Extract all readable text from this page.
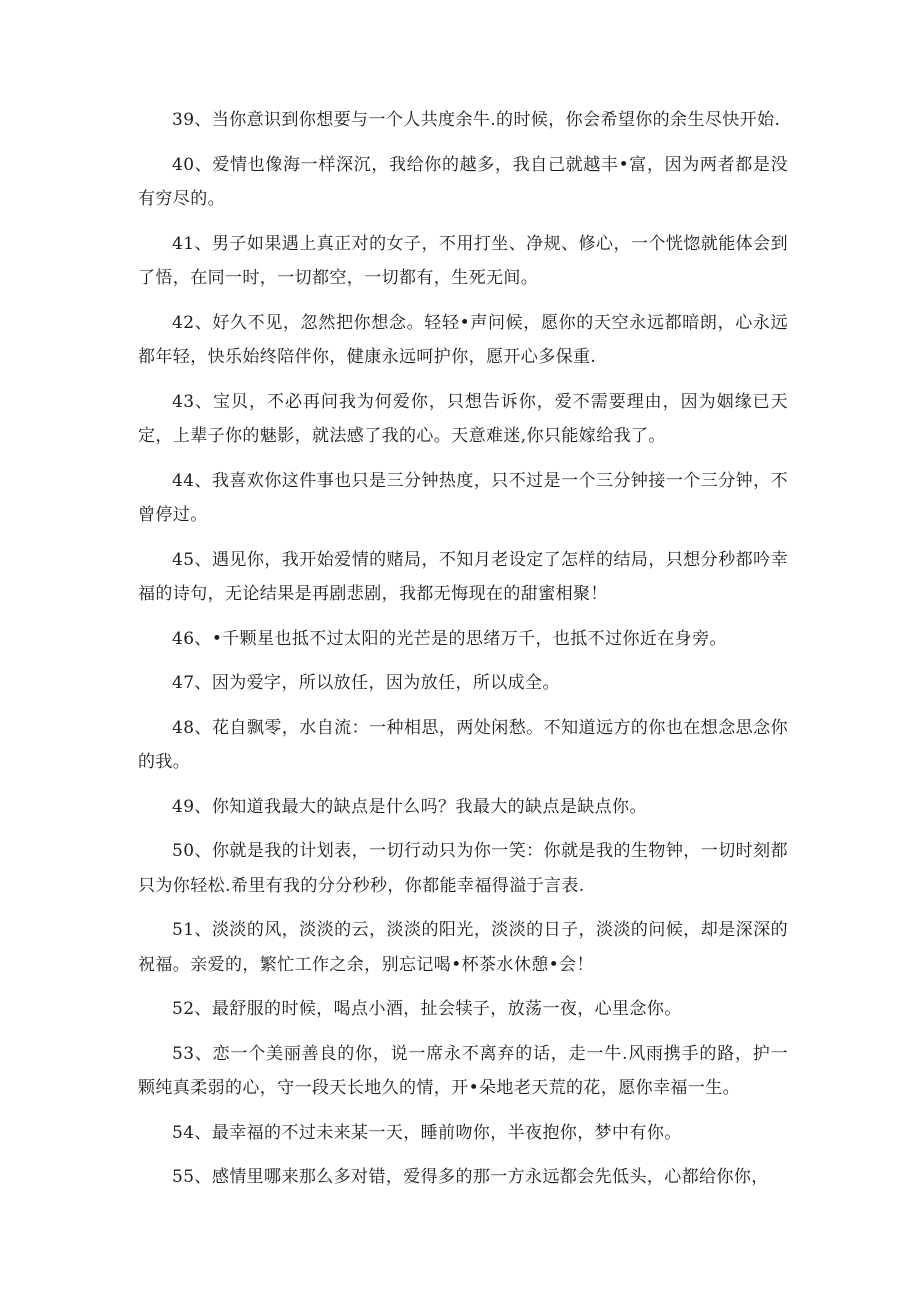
39、当你意识到你想要与一个人共度余牛.的时候，你会希望你的余生尽快开始.

40、爱情也像海一样深沉，我给你的越多，我自己就越丰•富，因为两者都是没有穷尽的。

41、男子如果遇上真正对的女子，不用打坐、净规、修心，一个恍惚就能体会到了悟，在同一时，一切都空，一切都有，生死无间。

42、好久不见，忽然把你想念。轻轻•声问候，愿你的天空永远都暗朗，心永远都年轻，快乐始终陪伴你，健康永远呵护你，愿开心多保重.

43、宝贝，不必再问我为何爱你，只想告诉你，爱不需要理由，因为姻缘已天定，上辈子你的魅影，就法感了我的心。天意难迷,你只能嫁给我了。

44、我喜欢你这件事也只是三分钟热度，只不过是一个三分钟接一个三分钟，不曾停过。

45、遇见你，我开始爱情的赌局，不知月老设定了怎样的结局，只想分秒都吟幸福的诗句，无论结果是再剧悲剧，我都无悔现在的甜蜜相聚！

46、•千颗星也抵不过太阳的光芒是的思绪万千，也抵不过你近在身旁。

47、因为爱字，所以放任，因为放任，所以成全。

48、花自飘零，水自流：一种相思，两处闲愁。不知道远方的你也在想念思念你的我。

49、你知道我最大的缺点是什么吗？我最大的缺点是缺点你。

50、你就是我的计划表，一切行动只为你一笑：你就是我的生物钟，一切时刻都只为你轻松.希里有我的分分秒秒，你都能幸福得溢于言表.

51、淡淡的风，淡淡的云，淡淡的阳光，淡淡的日子，淡淡的问候，却是深深的祝福。亲爱的，繁忙工作之余，别忘记喝•杯茶水休憩•会！

52、最舒服的时候，喝点小酒，扯会犊子，放荡一夜，心里念你。

53、恋一个美丽善良的你，说一席永不离弃的话，走一牛.风雨携手的路，护一颗纯真柔弱的心，守一段天长地久的情，开•朵地老天荒的花，愿你幸福一生。

54、最幸福的不过未来某一天，睡前吻你，半夜抱你，梦中有你。

55、感情里哪来那么多对错，爱得多的那一方永远都会先低头，心都给你你，
